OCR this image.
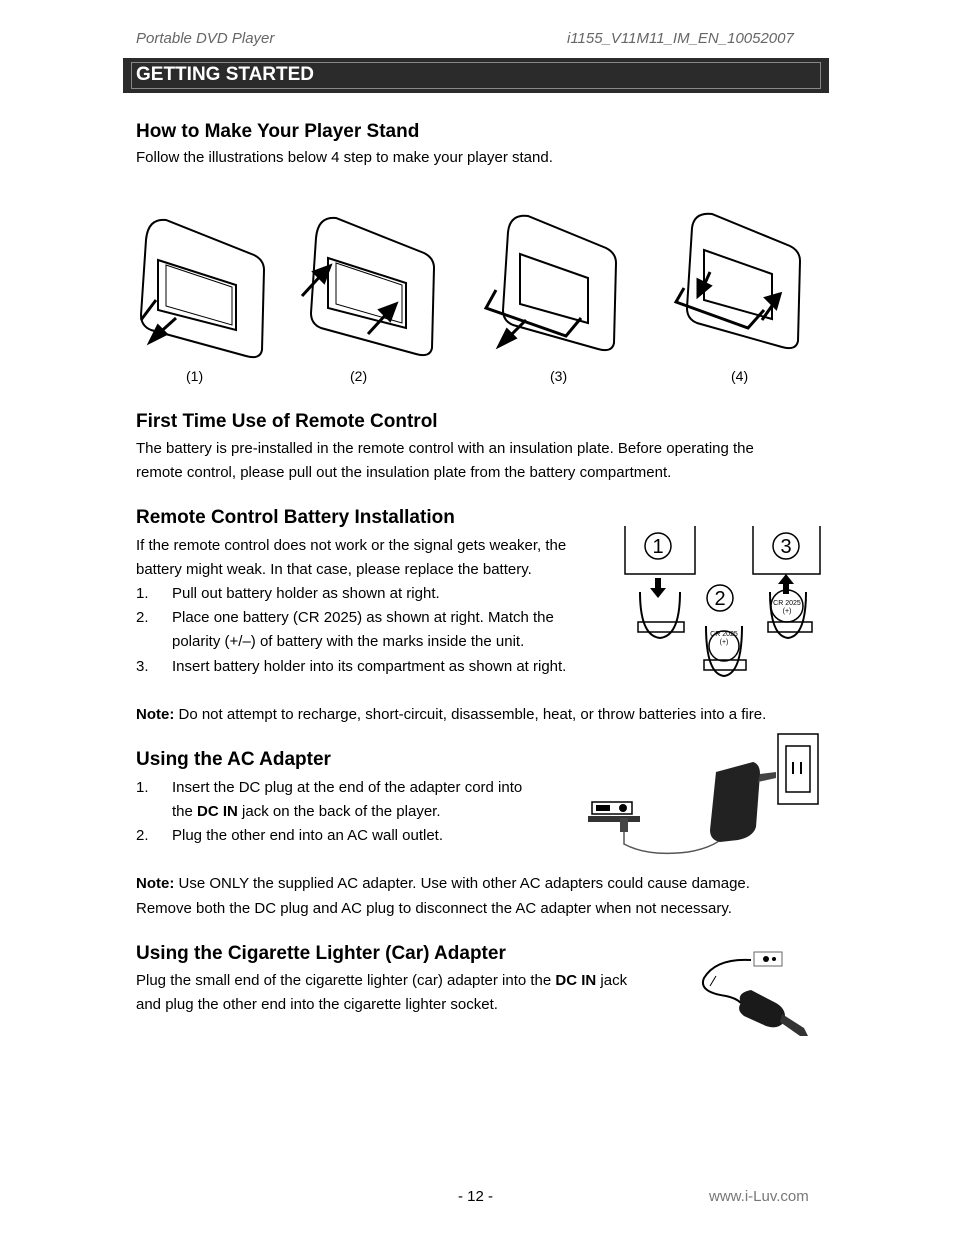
Portable DVD Player	i1155_V11M11_IM_EN_10052007
GETTING STARTED
How to Make Your Player Stand
Follow the illustrations below 4 step to make your player stand.
(1)	(2)	(3)	(4)
First Time Use of Remote Control
The battery is pre-installed in the remote control with an insulation plate. Before operating the
remote control, please pull out the insulation plate from the battery compartment.
Remote Control Battery Installation
If the remote control does not work or the signal gets weaker, the
battery might weak. In that case, please replace the battery.
1. Pull out battery holder as shown at right.
2. Place one battery (CR 2025) as shown at right. Match the
polarity (+/–) of battery with the marks inside the unit.
3. Insert battery holder into its compartment as shown at right.
1	3
2	CR 2025
(+)
CR 2025
(+)
Note: Do not attempt to recharge, short-circuit, disassemble, heat, or throw batteries into a fire.
Using the AC Adapter
1. Insert the DC plug at the end of the adapter cord into
the DC IN jack on the back of the player.
2. Plug the other end into an AC wall outlet.
Note: Use ONLY the supplied AC adapter. Use with other AC adapters could cause damage.
Remove both the DC plug and AC plug to disconnect the AC adapter when not necessary.
Using the Cigarette Lighter (Car) Adapter
Plug the small end of the cigarette lighter (car) adapter into the DC IN jack
and plug the other end into the cigarette lighter socket.
- 12 -	www.i-Luv.com
